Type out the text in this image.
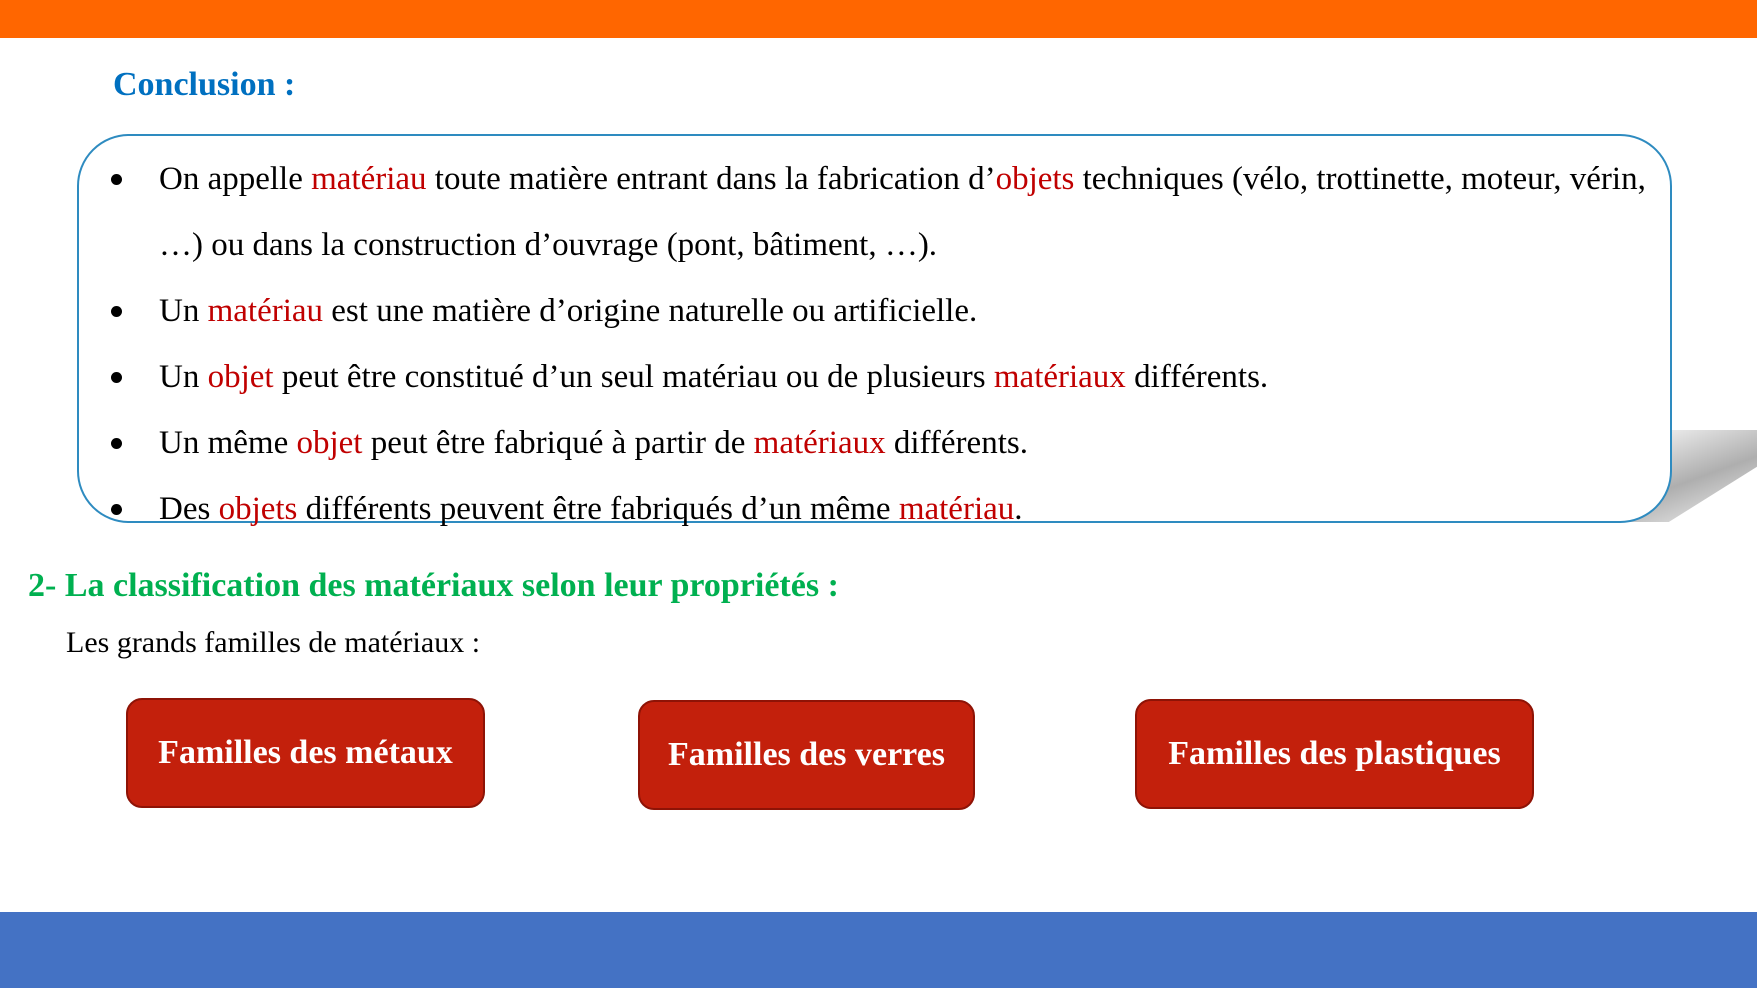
Conclusion :
On appelle matériau toute matière entrant dans la fabrication d’objets techniques (vélo, trottinette, moteur, vérin, …) ou dans la construction d’ouvrage (pont, bâtiment, …).
Un matériau est une matière d’origine naturelle ou artificielle.
Un objet peut être constitué d’un seul matériau ou de plusieurs matériaux différents.
Un même objet peut être fabriqué à partir de matériaux différents.
Des objets différents peuvent être fabriqués d’un même matériau.
2- La classification des matériaux selon leur propriétés :
Les grands familles de matériaux :
Familles des métaux	Familles des verres	Familles des plastiques
